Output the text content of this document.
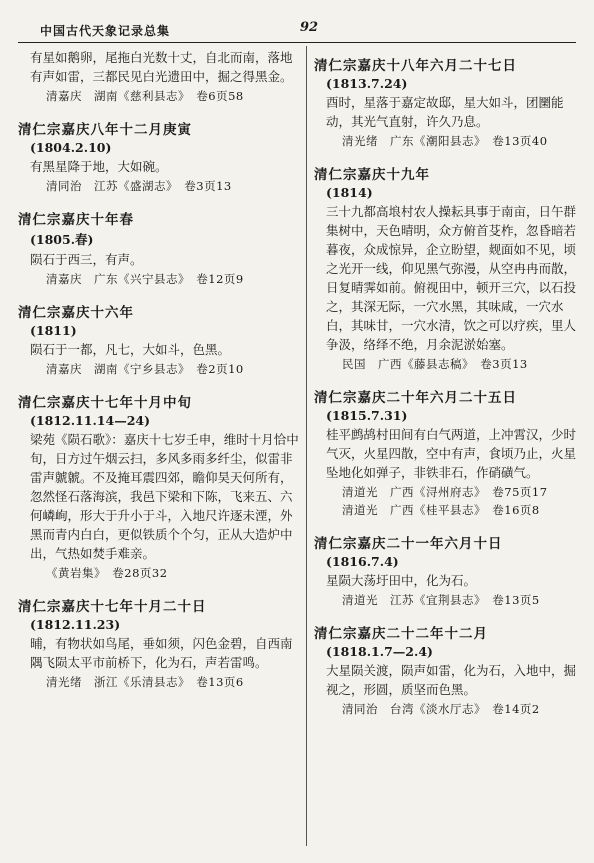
中国古代天象记录总集	92

有星如鹅卵，尾拖白光数十丈，自北而南，落地有声如雷，三都民见白光遗田中，掘之得黑金。

清嘉庆　湖南《慈利县志》　卷6页58
清仁宗嘉庆八年十二月庚寅
(1804.2.10)

有黑星降于地，大如碗。

清同治　江苏《盛湖志》　卷3页13
清仁宗嘉庆十年春
(1805.春)

陨石于西三，有声。

清嘉庆　广东《兴宁县志》　卷12页9
清仁宗嘉庆十六年
(1811)

陨石于一都，凡七，大如斗，色黑。

清嘉庆　湖南《宁乡县志》　卷2页10
清仁宗嘉庆十七年十月中旬
(1812.11.14—24)

梁苑《陨石歌》：嘉庆十七岁壬申，维时十月恰中旬，日方过午烟云扫，多风多雨多纤尘，似雷非雷声虩虩。不及掩耳震四郊，瞻仰昊天何所有，忽然怪石落海滨，我邑下梁和下陈，飞来五、六何嶙峋，形大于升小于斗，入地尺许逐未湮，外黑而青内白白，更似铁质个个匀，正从大造炉中出，气热如焚手难亲。

《黄岩集》　卷28页32
清仁宗嘉庆十七年十月二十日
(1812.11.23)

晡，有物状如鸟尾，垂如须，闪色金碧，自西南隅飞陨太平市前桥下，化为石，声若雷鸣。

清光绪　浙江《乐清县志》　卷13页6
清仁宗嘉庆十八年六月二十七日
(1813.7.24)

酉时，星落于嘉定故邸，星大如斗，团圞能动，其光气直射，许久乃息。

清光绪　广东《潮阳县志》　卷13页40
清仁宗嘉庆十九年
(1814)

三十九都高埌村农人操耘具事于南亩，日午群集树中，天色晴明，众方俯首芟柞，忽昏暗若暮夜，众成惊异，企立盼望，觌面如不见，顷之光开一线，仰见黑气弥漫，从空冉冉而散，日复晴霁如前。俯视田中，顿开三穴，以石投之，其深无际，一穴水黑，其味咸，一穴水白，其味甘，一穴水清，饮之可以疗疾，里人争汲，络绎不绝，月余泥淤始塞。

民国　广西《藤县志稿》　卷3页13
清仁宗嘉庆二十年六月二十五日
(1815.7.31)

桂平鹧鸪村田间有白气两道，上冲霄汉，少时气灭，火星四散，空中有声，食顷乃止，火星坠地化如弹子，非铁非石，作硝磺气。

清道光　广西《浔州府志》　卷75页17
清道光　广西《桂平县志》　卷16页8
清仁宗嘉庆二十一年六月十日
(1816.7.4)

星陨大荡圩田中，化为石。

清道光　江苏《宜荆县志》　卷13页5
清仁宗嘉庆二十二年十二月
(1818.1.7—2.4)

大星陨关渡，陨声如雷，化为石，入地中，掘视之，形圆，质坚而色黑。

清同治　台湾《淡水厅志》　卷14页2
